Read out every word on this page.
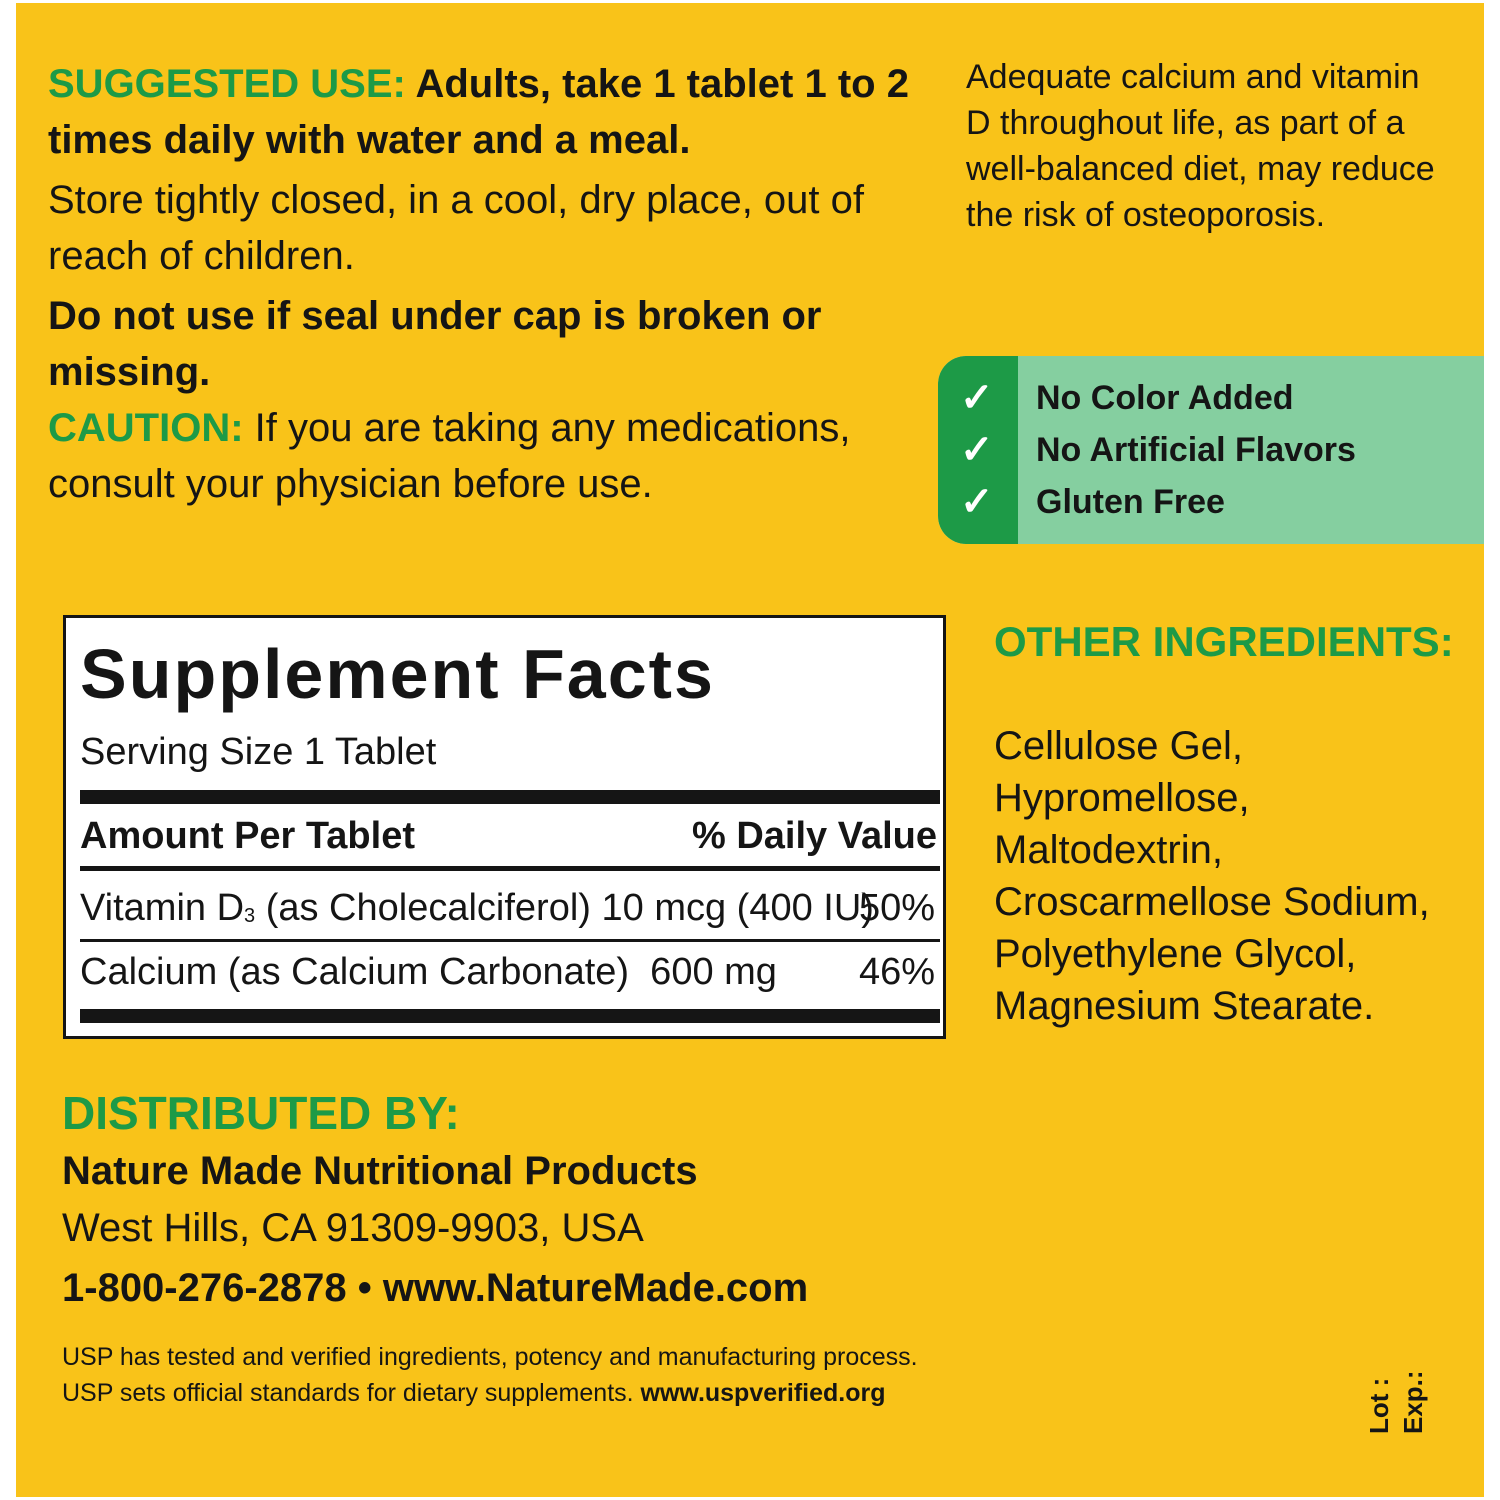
SUGGESTED USE: Adults, take 1 tablet 1 to 2 times daily with water and a meal.

Store tightly closed, in a cool, dry place, out of reach of children.

Do not use if seal under cap is broken or missing.

CAUTION: If you are taking any medications, consult your physician before use.

Adequate calcium and vitamin D throughout life, as part of a well-balanced diet, may reduce the risk of osteoporosis.
✓ No Color Added
✓ No Artificial Flavors
✓ Gluten Free
Supplement Facts
Serving Size 1 Tablet
Amount Per Tablet	% Daily Value
Vitamin D3 (as Cholecalciferol) 10 mcg (400 IU)
50%
Calcium (as Calcium Carbonate)  600 mg 46%
OTHER INGREDIENTS:
Cellulose Gel,
Hypromellose,
Maltodextrin,
Croscarmellose Sodium,
Polyethylene Glycol,
Magnesium Stearate.
DISTRIBUTED BY:
Nature Made Nutritional Products
West Hills, CA 91309-9903, USA
1-800-276-2878 • www.NatureMade.com
USP has tested and verified ingredients, potency and manufacturing process.
USP sets official standards for dietary supplements. www.uspverified.org	Lot : Exp.:
